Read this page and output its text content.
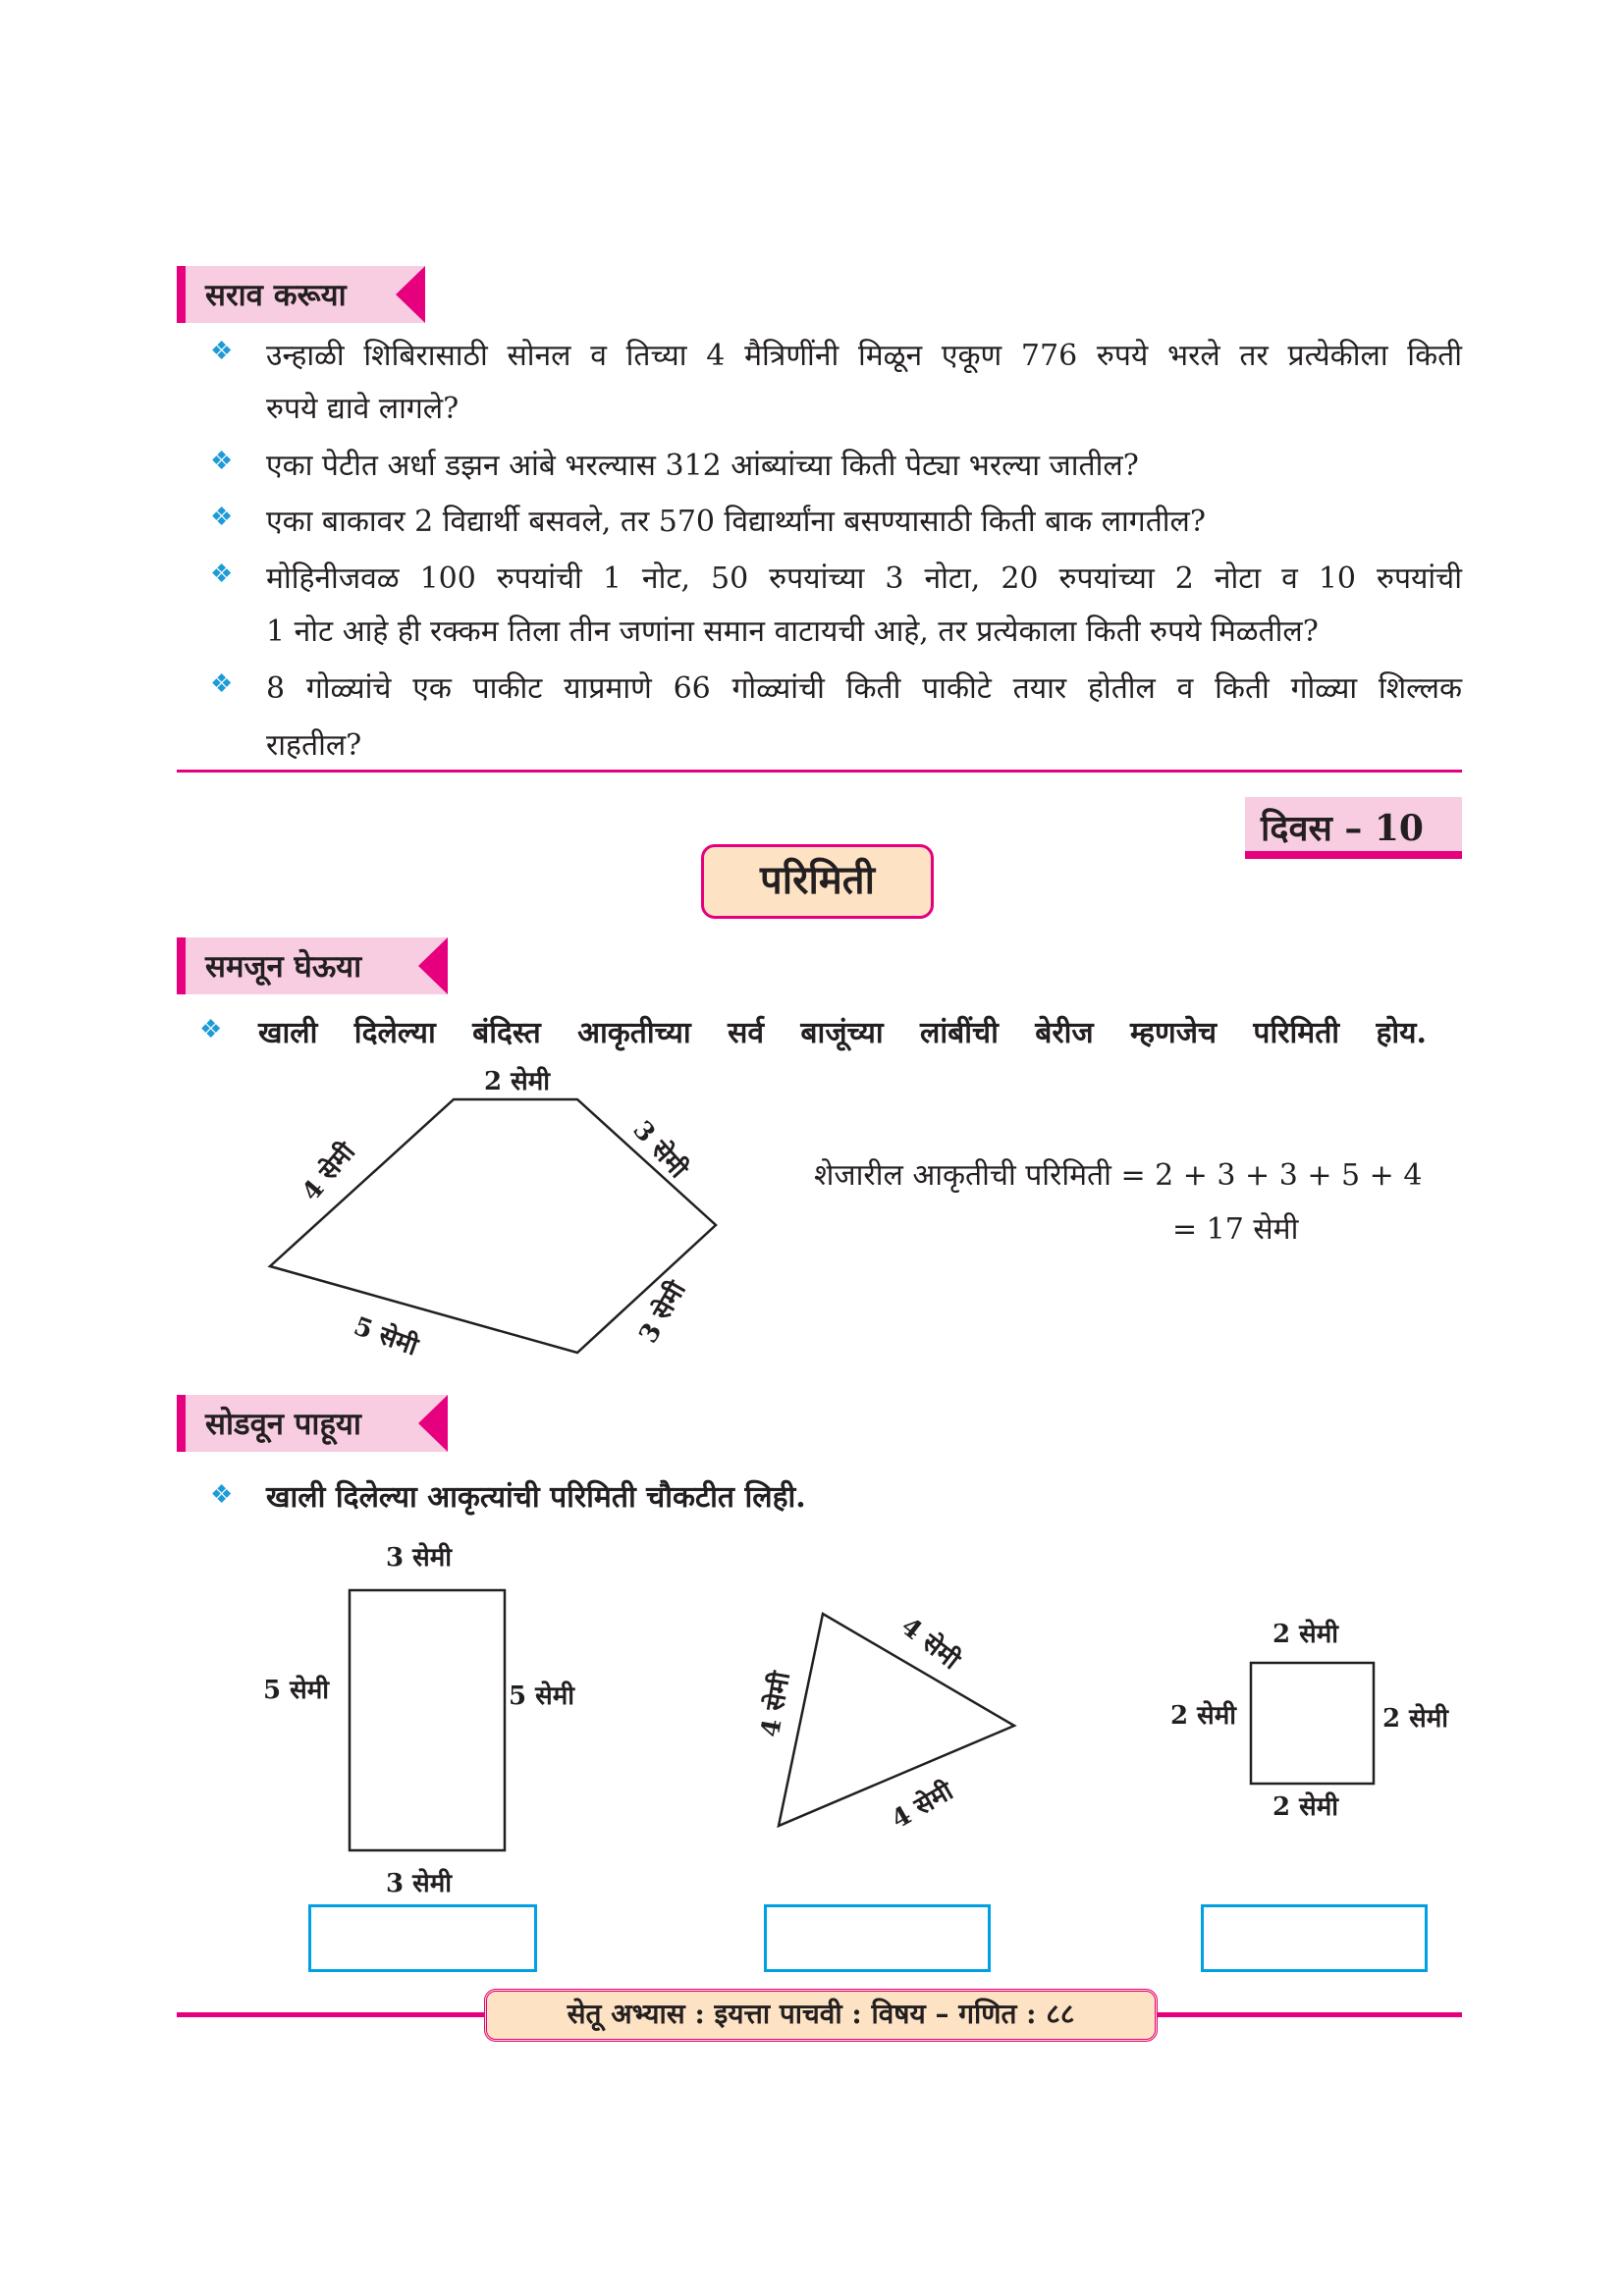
सराव करूया
❖ उन्हाळी शिबिरासाठी सोनल व तिच्या 4 मैत्रिणींनी मिळून एकूण 776 रुपये भरले तर प्रत्येकीला किती
रुपये द्यावे लागले?
❖ एका पेटीत अर्धा डझन आंबे भरल्यास 312 आंब्यांच्या किती पेट्या भरल्या जातील?
❖ एका बाकावर 2 विद्यार्थी बसवले, तर 570 विद्यार्थ्यांना बसण्यासाठी किती बाक लागतील?
❖ मोहिनीजवळ 100 रुपयांची 1 नोट, 50 रुपयांच्या 3 नोटा, 20 रुपयांच्या 2 नोटा व 10 रुपयांची
1 नोट आहे ही रक्कम तिला तीन जणांना समान वाटायची आहे, तर प्रत्येकाला किती रुपये मिळतील?
❖ 8 गोळ्यांचे एक पाकीट याप्रमाणे 66 गोळ्यांची किती पाकीटे तयार होतील व किती गोळ्या शिल्लक
राहतील?
दिवस – 10
परिमिती
समजून घेऊया
❖ खाली दिलेल्या बंदिस्त आकृतीच्या सर्व बाजूंच्या लांबींची बेरीज म्हणजेच परिमिती होय.
2 सेमी
3 सेमी
3 सेमी
5 सेमी
4 सेमी	शेजारील आकृतीची परिमिती = 2 + 3 + 3 + 5 + 4
= 17 सेमी
सोडवून पाहूया
❖ खाली दिलेल्या आकृत्यांची परिमिती चौकटीत लिही.
3 सेमी
5 सेमी	5 सेमी
3 सेमी
4 सेमी
4 सेमी
4 सेमी
2 सेमी
2 सेमी	2 सेमी
2 सेमी
सेतू अभ्यास : इयत्ता पाचवी : विषय – गणित : ८८
